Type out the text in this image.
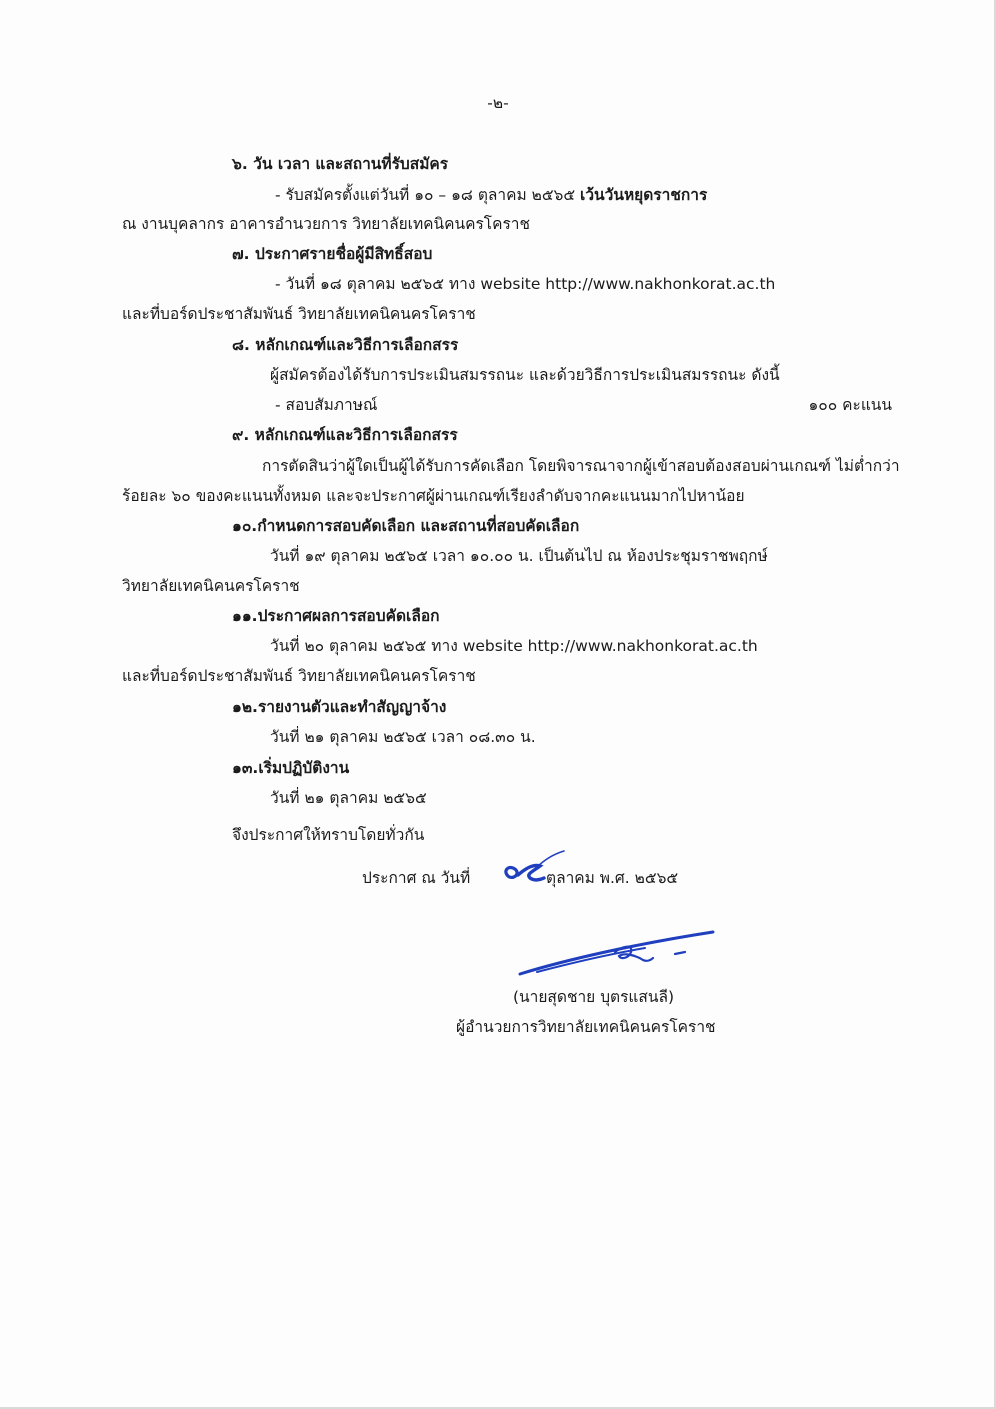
-๒-
๖. วัน เวลา และสถานที่รับสมัคร
- รับสมัครตั้งแต่วันที่ ๑๐ – ๑๘ ตุลาคม ๒๕๖๕ เว้นวันหยุดราชการ
ณ งานบุคลากร อาคารอำนวยการ วิทยาลัยเทคนิคนครโคราช
๗. ประกาศรายชื่อผู้มีสิทธิ์สอบ
- วันที่ ๑๘ ตุลาคม ๒๕๖๕ ทาง website http://www.nakhonkorat.ac.th
และที่บอร์ดประชาสัมพันธ์ วิทยาลัยเทคนิคนครโคราช
๘. หลักเกณฑ์และวิธีการเลือกสรร
ผู้สมัครต้องได้รับการประเมินสมรรถนะ และด้วยวิธีการประเมินสมรรถนะ ดังนี้
- สอบสัมภาษณ์	๑๐๐ คะแนน
๙. หลักเกณฑ์และวิธีการเลือกสรร
การตัดสินว่าผู้ใดเป็นผู้ได้รับการคัดเลือก โดยพิจารณาจากผู้เข้าสอบต้องสอบผ่านเกณฑ์ ไม่ต่ำกว่า
ร้อยละ ๖๐ ของคะแนนทั้งหมด และจะประกาศผู้ผ่านเกณฑ์เรียงลำดับจากคะแนนมากไปหาน้อย
๑๐.กำหนดการสอบคัดเลือก และสถานที่สอบคัดเลือก
วันที่ ๑๙ ตุลาคม ๒๕๖๕ เวลา ๑๐.๐๐ น. เป็นต้นไป ณ ห้องประชุมราชพฤกษ์
วิทยาลัยเทคนิคนครโคราช
๑๑.ประกาศผลการสอบคัดเลือก
วันที่ ๒๐ ตุลาคม ๒๕๖๕ ทาง website http://www.nakhonkorat.ac.th
และที่บอร์ดประชาสัมพันธ์ วิทยาลัยเทคนิคนครโคราช
๑๒.รายงานตัวและทำสัญญาจ้าง
วันที่ ๒๑ ตุลาคม ๒๕๖๕ เวลา ๐๘.๓๐ น.
๑๓.เริ่มปฏิบัติงาน
วันที่ ๒๑ ตุลาคม ๒๕๖๕
จึงประกาศให้ทราบโดยทั่วกัน
ประกาศ ณ วันที่	ตุลาคม พ.ศ. ๒๕๖๕
(นายสุดชาย บุตรแสนลี)
ผู้อำนวยการวิทยาลัยเทคนิคนครโคราช
